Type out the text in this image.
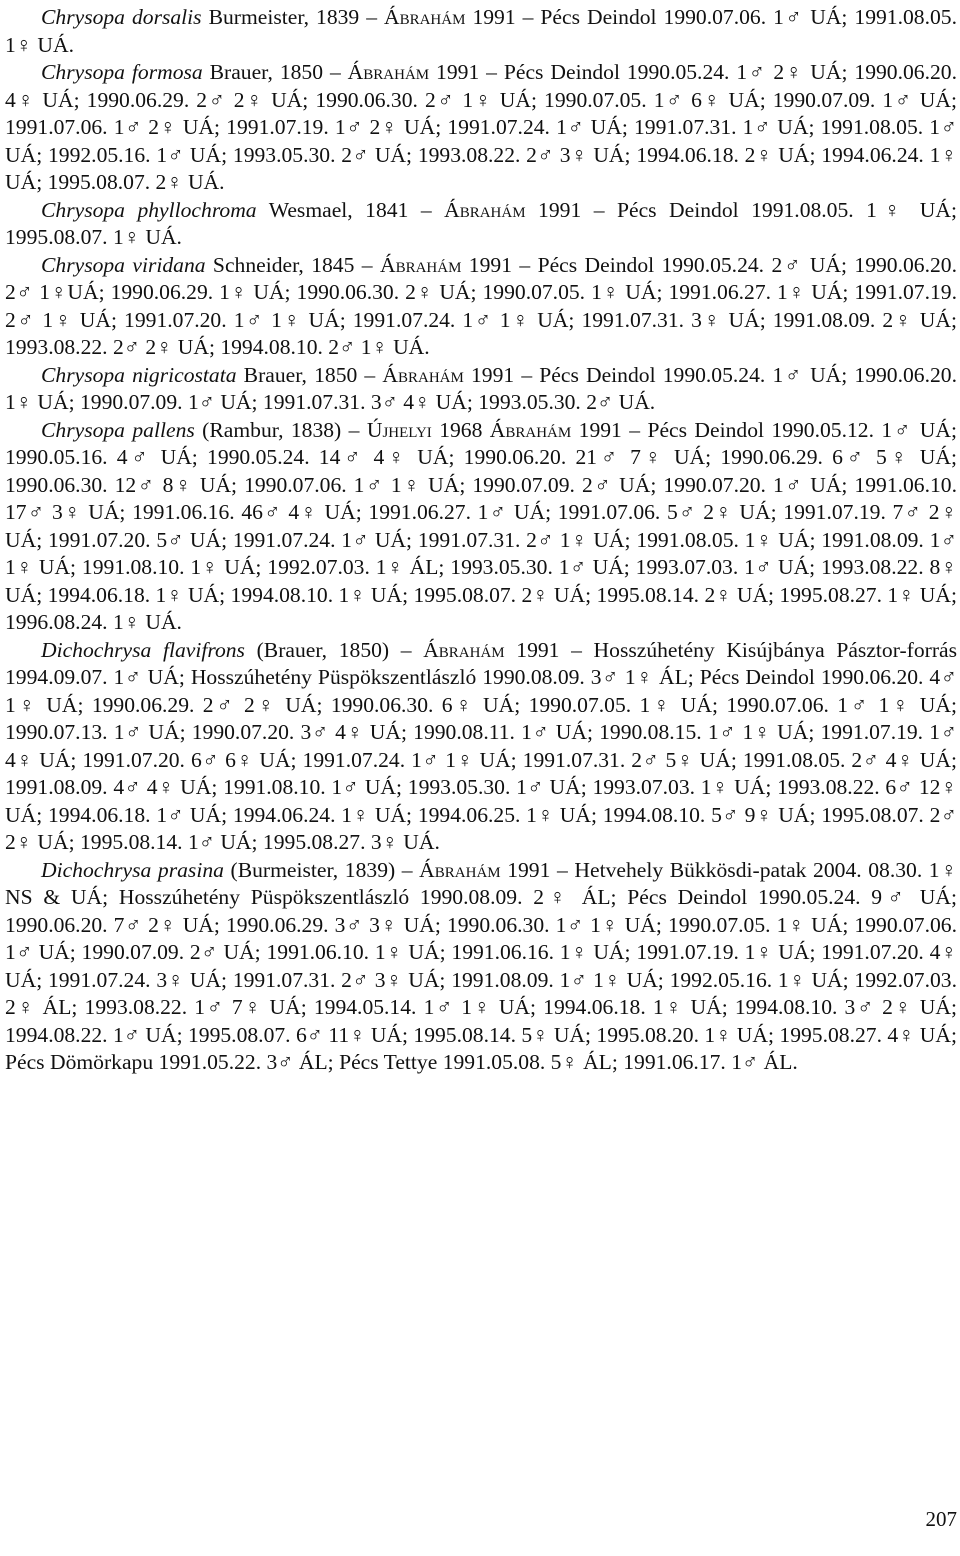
Chrysopa dorsalis Burmeister, 1839 – Ábrahám 1991 – Pécs Deindol 1990.07.06. 1♂ UÁ; 1991.08.05. 1♀ UÁ.

Chrysopa formosa Brauer, 1850 – Ábrahám 1991 – Pécs Deindol 1990.05.24. 1♂ 2♀ UÁ; 1990.06.20. 4♀ UÁ; 1990.06.29. 2♂ 2♀ UÁ; 1990.06.30. 2♂ 1♀ UÁ; 1990.07.05. 1♂ 6♀ UÁ; 1990.07.09. 1♂ UÁ; 1991.07.06. 1♂ 2♀ UÁ; 1991.07.19. 1♂ 2♀ UÁ; 1991.07.24. 1♂ UÁ; 1991.07.31. 1♂ UÁ; 1991.08.05. 1♂ UÁ; 1992.05.16. 1♂ UÁ; 1993.05.30. 2♂ UÁ; 1993.08.22. 2♂ 3♀ UÁ; 1994.06.18. 2♀ UÁ; 1994.06.24. 1♀ UÁ; 1995.08.07. 2♀ UÁ.

Chrysopa phyllochroma Wesmael, 1841 – Ábrahám 1991 – Pécs Deindol 1991.08.05. 1♀ UÁ; 1995.08.07. 1♀ UÁ.

Chrysopa viridana Schneider, 1845 – Ábrahám 1991 – Pécs Deindol 1990.05.24. 2♂ UÁ; 1990.06.20. 2♂ 1♀UÁ; 1990.06.29. 1♀ UÁ; 1990.06.30. 2♀ UÁ; 1990.07.05. 1♀ UÁ; 1991.06.27. 1♀ UÁ; 1991.07.19. 2♂ 1♀ UÁ; 1991.07.20. 1♂ 1♀ UÁ; 1991.07.24. 1♂ 1♀ UÁ; 1991.07.31. 3♀ UÁ; 1991.08.09. 2♀ UÁ; 1993.08.22. 2♂ 2♀ UÁ; 1994.08.10. 2♂ 1♀ UÁ.

Chrysopa nigricostata Brauer, 1850 – Ábrahám 1991 – Pécs Deindol 1990.05.24. 1♂ UÁ; 1990.06.20. 1♀ UÁ; 1990.07.09. 1♂ UÁ; 1991.07.31. 3♂ 4♀ UÁ; 1993.05.30. 2♂ UÁ.

Chrysopa pallens (Rambur, 1838) – Újhelyi 1968 Ábrahám 1991 – Pécs Deindol 1990.05.12. 1♂ UÁ; 1990.05.16. 4♂ UÁ; 1990.05.24. 14♂ 4♀ UÁ; 1990.06.20. 21♂ 7♀ UÁ; 1990.06.29. 6♂ 5♀ UÁ; 1990.06.30. 12♂ 8♀ UÁ; 1990.07.06. 1♂ 1♀ UÁ; 1990.07.09. 2♂ UÁ; 1990.07.20. 1♂ UÁ; 1991.06.10. 17♂ 3♀ UÁ; 1991.06.16. 46♂ 4♀ UÁ; 1991.06.27. 1♂ UÁ; 1991.07.06. 5♂ 2♀ UÁ; 1991.07.19. 7♂ 2♀ UÁ; 1991.07.20. 5♂ UÁ; 1991.07.24. 1♂ UÁ; 1991.07.31. 2♂ 1♀ UÁ; 1991.08.05. 1♀ UÁ; 1991.08.09. 1♂ 1♀ UÁ; 1991.08.10. 1♀ UÁ; 1992.07.03. 1♀ ÁL; 1993.05.30. 1♂ UÁ; 1993.07.03. 1♂ UÁ; 1993.08.22. 8♀ UÁ; 1994.06.18. 1♀ UÁ; 1994.08.10. 1♀ UÁ; 1995.08.07. 2♀ UÁ; 1995.08.14. 2♀ UÁ; 1995.08.27. 1♀ UÁ; 1996.08.24. 1♀ UÁ.

Dichochrysa flavifrons (Brauer, 1850) – Ábrahám 1991 – Hosszúhetény Kisújbánya Pásztor-forrás 1994.09.07. 1♂ UÁ; Hosszúhetény Püspökszentlászló 1990.08.09. 3♂ 1♀ ÁL; Pécs Deindol 1990.06.20. 4♂ 1♀ UÁ; 1990.06.29. 2♂ 2♀ UÁ; 1990.06.30. 6♀ UÁ; 1990.07.05. 1♀ UÁ; 1990.07.06. 1♂ 1♀ UÁ; 1990.07.13. 1♂ UÁ; 1990.07.20. 3♂ 4♀ UÁ; 1990.08.11. 1♂ UÁ; 1990.08.15. 1♂ 1♀ UÁ; 1991.07.19. 1♂ 4♀ UÁ; 1991.07.20. 6♂ 6♀ UÁ; 1991.07.24. 1♂ 1♀ UÁ; 1991.07.31. 2♂ 5♀ UÁ; 1991.08.05. 2♂ 4♀ UÁ; 1991.08.09. 4♂ 4♀ UÁ; 1991.08.10. 1♂ UÁ; 1993.05.30. 1♂ UÁ; 1993.07.03. 1♀ UÁ; 1993.08.22. 6♂ 12♀ UÁ; 1994.06.18. 1♂ UÁ; 1994.06.24. 1♀ UÁ; 1994.06.25. 1♀ UÁ; 1994.08.10. 5♂ 9♀ UÁ; 1995.08.07. 2♂ 2♀ UÁ; 1995.08.14. 1♂ UÁ; 1995.08.27. 3♀ UÁ.

Dichochrysa prasina (Burmeister, 1839) – Ábrahám 1991 – Hetvehely Bükkösdi-patak 2004. 08.30. 1♀ NS & UÁ; Hosszúhetény Püspökszentlászló 1990.08.09. 2♀ ÁL; Pécs Deindol 1990.05.24. 9♂ UÁ; 1990.06.20. 7♂ 2♀ UÁ; 1990.06.29. 3♂ 3♀ UÁ; 1990.06.30. 1♂ 1♀ UÁ; 1990.07.05. 1♀ UÁ; 1990.07.06. 1♂ UÁ; 1990.07.09. 2♂ UÁ; 1991.06.10. 1♀ UÁ; 1991.06.16. 1♀ UÁ; 1991.07.19. 1♀ UÁ; 1991.07.20. 4♀ UÁ; 1991.07.24. 3♀ UÁ; 1991.07.31. 2♂ 3♀ UÁ; 1991.08.09. 1♂ 1♀ UÁ; 1992.05.16. 1♀ UÁ; 1992.07.03. 2♀ ÁL; 1993.08.22. 1♂ 7♀ UÁ; 1994.05.14. 1♂ 1♀ UÁ; 1994.06.18. 1♀ UÁ; 1994.08.10. 3♂ 2♀ UÁ; 1994.08.22. 1♂ UÁ; 1995.08.07. 6♂ 11♀ UÁ; 1995.08.14. 5♀ UÁ; 1995.08.20. 1♀ UÁ; 1995.08.27. 4♀ UÁ; Pécs Dömörkapu 1991.05.22. 3♂ ÁL; Pécs Tettye 1991.05.08. 5♀ ÁL; 1991.06.17. 1♂ ÁL.

207
